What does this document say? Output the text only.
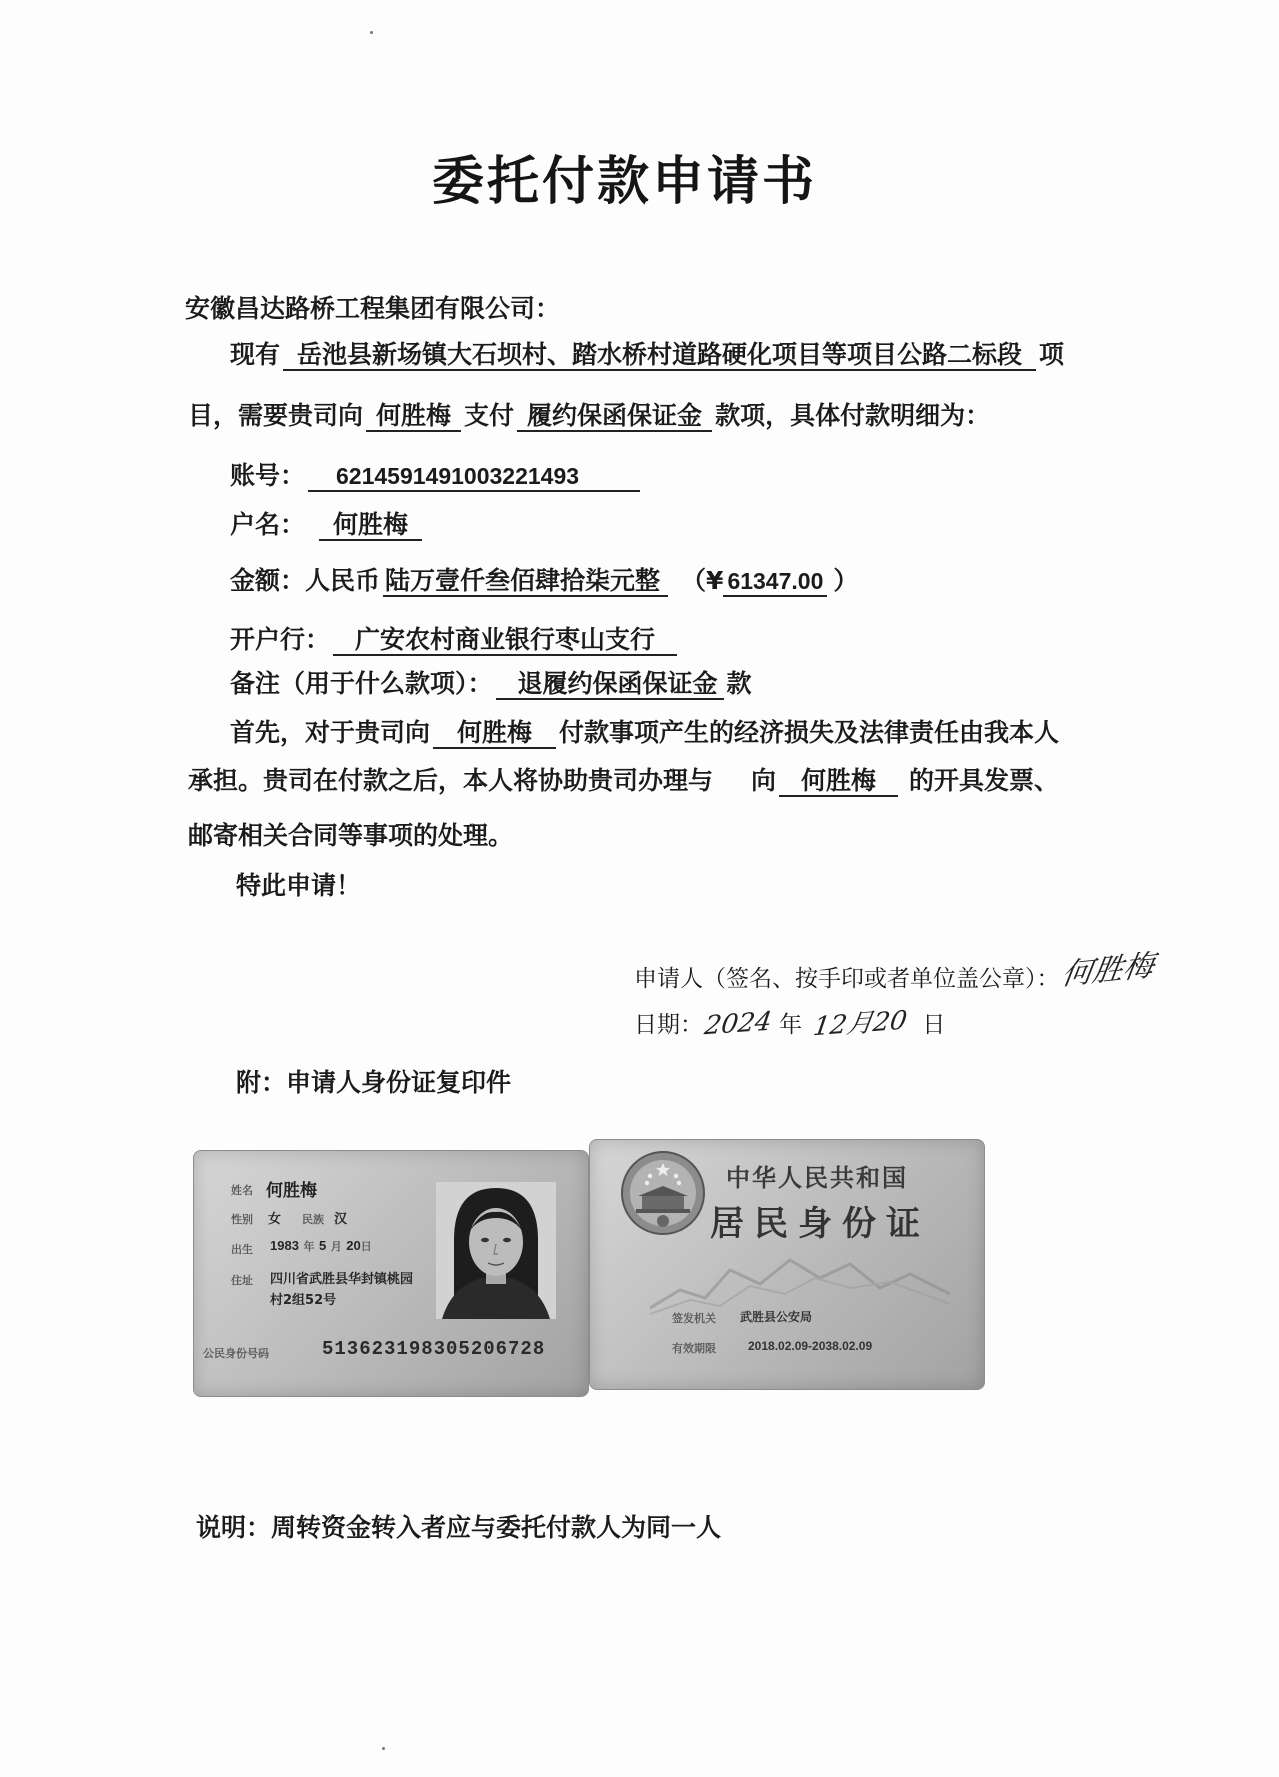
委托付款申请书
安徽昌达路桥工程集团有限公司：
现有 岳池县新场镇大石坝村、踏水桥村道路硬化项目等项目公路二标段 项
目，需要贵司向 何胜梅 支付 履约保函保证金 款项，具体付款明细为：
账号： 6214591491003221493
户名： 何胜梅
金额：人民币 陆万壹仟叁佰肆拾柒元整 （¥ 61347.00 ）
开户行： 广安农村商业银行枣山支行
备注（用于什么款项）： 退履约保函保证金 款
首先，对于贵司向 何胜梅 付款事项产生的经济损失及法律责任由我本人
承担。贵司在付款之后，本人将协助贵司办理与 向 何胜梅 的开具发票、
邮寄相关合同等事项的处理。
特此申请！
申请人（签名、按手印或者单位盖公章）：何胜梅
日期：2024 年 12月20 日
附：申请人身份证复印件
姓名 何胜梅
性别 女 民族 汉
出生 1983 年 5 月 20日
住址 四川省武胜县华封镇桃园
村2组52号
公民身份号码	513623198305206728
中华人民共和国
居民身份证
签发机关 武胜县公安局
有效期限	2018.02.09-2038.02.09
说明：周转资金转入者应与委托付款人为同一人
